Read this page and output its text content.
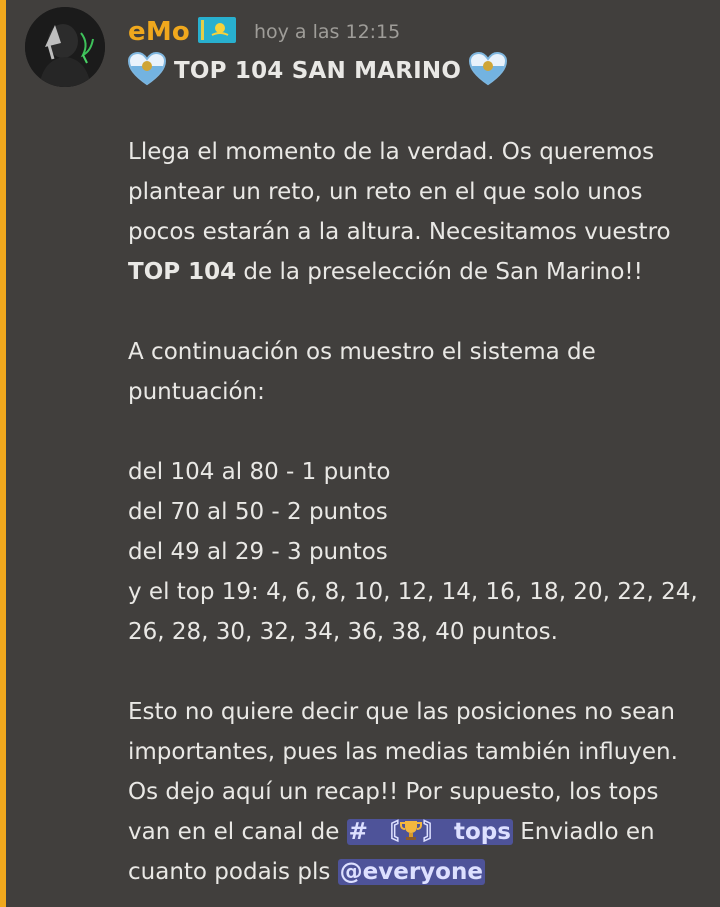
eMo	hoy a las 12:15
TOP 104 SAN MARINO
Llega el momento de la verdad. Os queremos
plantear un reto, un reto en el que solo unos
pocos estarán a la altura. Necesitamos vuestro
TOP 104 de la preselección de San Marino!!
A continuación os muestro el sistema de
puntuación:
del 104 al 80 - 1 punto
del 70 al 50 - 2 puntos
del 49 al 29 - 3 puntos
y el top 19: 4, 6, 8, 10, 12, 14, 16, 18, 20, 22, 24,
26, 28, 30, 32, 34, 36, 38, 40 puntos.
Esto no quiere decir que las posiciones no sean
importantes, pues las medias también influyen.
Os dejo aquí un recap!! Por supuesto, los tops
van en el canal de # 〘 〙 tops Enviadlo en
cuanto podais pls @everyone
